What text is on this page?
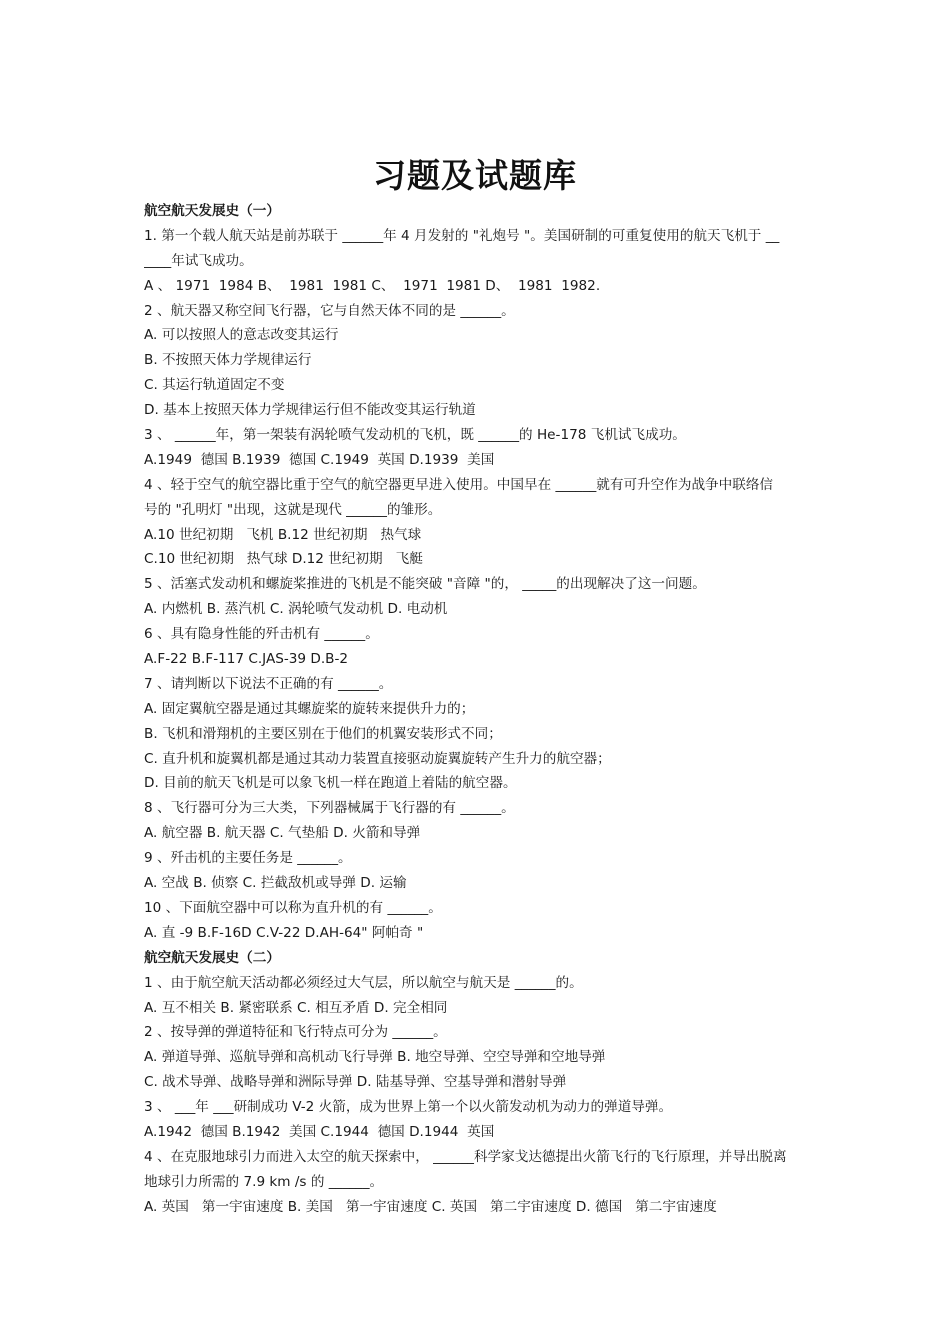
习题及试题库
航空航天发展史（一）
1. 第一个载人航天站是前苏联于 ______年 4 月发射的 "礼炮号 "。美国研制的可重复使用的航天飞机于 __
____年试飞成功。
A 、 1971  1984 B、  1981  1981 C、  1971  1981 D、  1981  1982.
2 、航天器又称空间飞行器，它与自然天体不同的是 ______。
A. 可以按照人的意志改变其运行
B. 不按照天体力学规律运行
C. 其运行轨道固定不变
D. 基本上按照天体力学规律运行但不能改变其运行轨道
3 、 ______年，第一架装有涡轮喷气发动机的飞机，既 ______的 He-178 飞机试飞成功。
A.1949  德国 B.1939  德国 C.1949  英国 D.1939  美国
4 、轻于空气的航空器比重于空气的航空器更早进入使用。中国早在 ______就有可升空作为战争中联络信
号的 "孔明灯 "出现，这就是现代 ______的雏形。
A.10 世纪初期   飞机 B.12 世纪初期   热气球
C.10 世纪初期   热气球 D.12 世纪初期   飞艇
5 、活塞式发动机和螺旋桨推进的飞机是不能突破 "音障 "的， _____的出现解决了这一问题。
A. 内燃机 B. 蒸汽机 C. 涡轮喷气发动机 D. 电动机
6 、具有隐身性能的歼击机有 ______。
A.F-22 B.F-117 C.JAS-39 D.B-2
7 、请判断以下说法不正确的有 ______。
A. 固定翼航空器是通过其螺旋桨的旋转来提供升力的；
B. 飞机和滑翔机的主要区别在于他们的机翼安装形式不同；
C. 直升机和旋翼机都是通过其动力装置直接驱动旋翼旋转产生升力的航空器；
D. 目前的航天飞机是可以象飞机一样在跑道上着陆的航空器。
8 、飞行器可分为三大类，下列器械属于飞行器的有 ______。
A. 航空器 B. 航天器 C. 气垫船 D. 火箭和导弹
9 、歼击机的主要任务是 ______。
A. 空战 B. 侦察 C. 拦截敌机或导弹 D. 运输
10 、下面航空器中可以称为直升机的有 ______。
A. 直 -9 B.F-16D C.V-22 D.AH-64" 阿帕奇 "
航空航天发展史（二）
1 、由于航空航天活动都必须经过大气层，所以航空与航天是 ______的。
A. 互不相关 B. 紧密联系 C. 相互矛盾 D. 完全相同
2 、按导弹的弹道特征和飞行特点可分为 ______。
A. 弹道导弹、巡航导弹和高机动飞行导弹 B. 地空导弹、空空导弹和空地导弹
C. 战术导弹、战略导弹和洲际导弹 D. 陆基导弹、空基导弹和潜射导弹
3 、 ___年 ___研制成功 V-2 火箭，成为世界上第一个以火箭发动机为动力的弹道导弹。
A.1942  德国 B.1942  美国 C.1944  德国 D.1944  英国
4 、在克服地球引力而进入太空的航天探索中， ______科学家戈达德提出火箭飞行的飞行原理，并导出脱离
地球引力所需的 7.9 km /s 的 ______。
A. 英国   第一宇宙速度 B. 美国   第一宇宙速度 C. 英国   第二宇宙速度 D. 德国   第二宇宙速度
